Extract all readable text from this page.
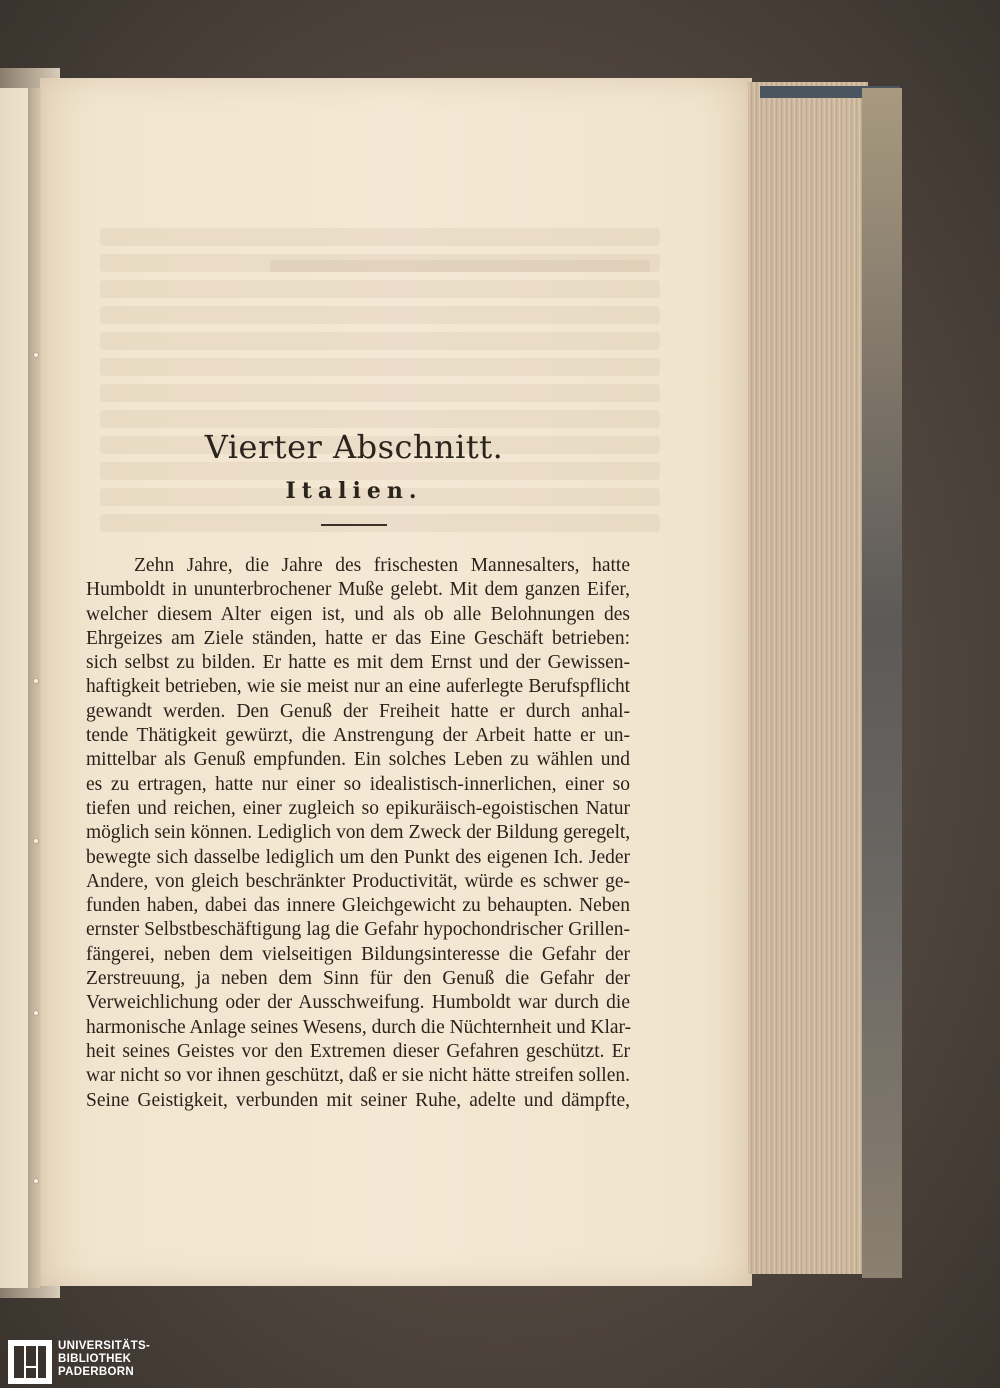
Vierter Abschnitt.
Italien.
Zehn Jahre, die Jahre des frischesten Mannesalters, hatte
Humboldt in ununterbrochener Muße gelebt. Mit dem ganzen Eifer,
welcher diesem Alter eigen ist, und als ob alle Belohnungen des
Ehrgeizes am Ziele ständen, hatte er das Eine Geschäft betrieben:
sich selbst zu bilden. Er hatte es mit dem Ernst und der Gewissen-
haftigkeit betrieben, wie sie meist nur an eine auferlegte Berufspflicht
gewandt werden. Den Genuß der Freiheit hatte er durch anhal-
tende Thätigkeit gewürzt, die Anstrengung der Arbeit hatte er un-
mittelbar als Genuß empfunden. Ein solches Leben zu wählen und
es zu ertragen, hatte nur einer so idealistisch-innerlichen, einer so
tiefen und reichen, einer zugleich so epikuräisch-egoistischen Natur
möglich sein können. Lediglich von dem Zweck der Bildung geregelt,
bewegte sich dasselbe lediglich um den Punkt des eigenen Ich. Jeder
Andere, von gleich beschränkter Productivität, würde es schwer ge-
funden haben, dabei das innere Gleichgewicht zu behaupten. Neben
ernster Selbstbeschäftigung lag die Gefahr hypochondrischer Grillen-
fängerei, neben dem vielseitigen Bildungsinteresse die Gefahr der
Zerstreuung, ja neben dem Sinn für den Genuß die Gefahr der
Verweichlichung oder der Ausschweifung. Humboldt war durch die
harmonische Anlage seines Wesens, durch die Nüchternheit und Klar-
heit seines Geistes vor den Extremen dieser Gefahren geschützt. Er
war nicht so vor ihnen geschützt, daß er sie nicht hätte streifen sollen.
Seine Geistigkeit, verbunden mit seiner Ruhe, adelte und dämpfte,
UNIVERSITÄTS-
BIBLIOTHEK
PADERBORN
